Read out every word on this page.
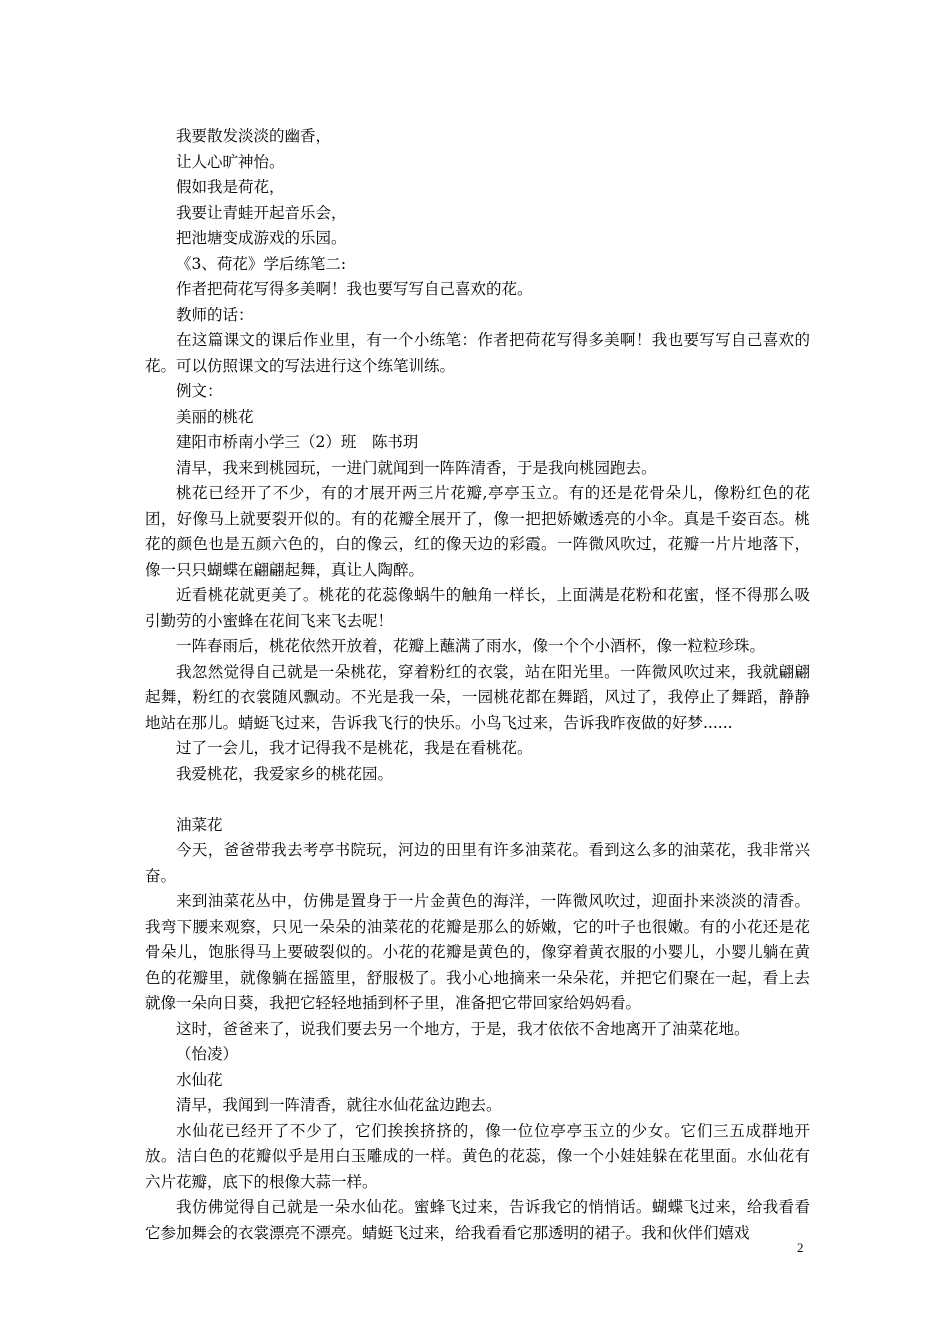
我要散发淡淡的幽香，

让人心旷神怡。

假如我是荷花，

我要让青蛙开起音乐会，

把池塘变成游戏的乐园。

《3、荷花》学后练笔二:

作者把荷花写得多美啊！我也要写写自己喜欢的花。

教师的话：

在这篇课文的课后作业里，有一个小练笔：作者把荷花写得多美啊！我也要写写自己喜欢的花。可以仿照课文的写法进行这个练笔训练。

例文：

美丽的桃花

建阳市桥南小学三（2）班　陈书玥

清早，我来到桃园玩，一进门就闻到一阵阵清香，于是我向桃园跑去。

桃花已经开了不少，有的才展开两三片花瓣,亭亭玉立。有的还是花骨朵儿，像粉红色的花团，好像马上就要裂开似的。有的花瓣全展开了，像一把把娇嫩透亮的小伞。真是千姿百态。桃花的颜色也是五颜六色的，白的像云，红的像天边的彩霞。一阵微风吹过，花瓣一片片地落下，像一只只蝴蝶在翩翩起舞，真让人陶醉。

近看桃花就更美了。桃花的花蕊像蜗牛的触角一样长，上面满是花粉和花蜜，怪不得那么吸引勤劳的小蜜蜂在花间飞来飞去呢！

一阵春雨后，桃花依然开放着，花瓣上蘸满了雨水，像一个个小酒杯，像一粒粒珍珠。

我忽然觉得自己就是一朵桃花，穿着粉红的衣裳，站在阳光里。一阵微风吹过来，我就翩翩起舞，粉红的衣裳随风飘动。不光是我一朵，一园桃花都在舞蹈，风过了，我停止了舞蹈，静静地站在那儿。蜻蜓飞过来，告诉我飞行的快乐。小鸟飞过来，告诉我昨夜做的好梦......

过了一会儿，我才记得我不是桃花，我是在看桃花。

我爱桃花，我爱家乡的桃花园。

油菜花

今天，爸爸带我去考亭书院玩，河边的田里有许多油菜花。看到这么多的油菜花，我非常兴奋。

来到油菜花丛中，仿佛是置身于一片金黄色的海洋，一阵微风吹过，迎面扑来淡淡的清香。我弯下腰来观察，只见一朵朵的油菜花的花瓣是那么的娇嫩，它的叶子也很嫩。有的小花还是花骨朵儿，饱胀得马上要破裂似的。小花的花瓣是黄色的，像穿着黄衣服的小婴儿，小婴儿躺在黄色的花瓣里，就像躺在摇篮里，舒服极了。我小心地摘来一朵朵花，并把它们聚在一起，看上去就像一朵向日葵，我把它轻轻地插到杯子里，准备把它带回家给妈妈看。

这时，爸爸来了，说我们要去另一个地方，于是，我才依依不舍地离开了油菜花地。

（怡凌）

水仙花

清早，我闻到一阵清香，就往水仙花盆边跑去。

水仙花已经开了不少了，它们挨挨挤挤的，像一位位亭亭玉立的少女。它们三五成群地开放。洁白色的花瓣似乎是用白玉雕成的一样。黄色的花蕊，像一个小娃娃躲在花里面。水仙花有六片花瓣，底下的根像大蒜一样。

我仿佛觉得自己就是一朵水仙花。蜜蜂飞过来，告诉我它的悄悄话。蝴蝶飞过来，给我看看它参加舞会的衣裳漂亮不漂亮。蜻蜓飞过来，给我看看它那透明的裙子。我和伙伴们嬉戏

2
